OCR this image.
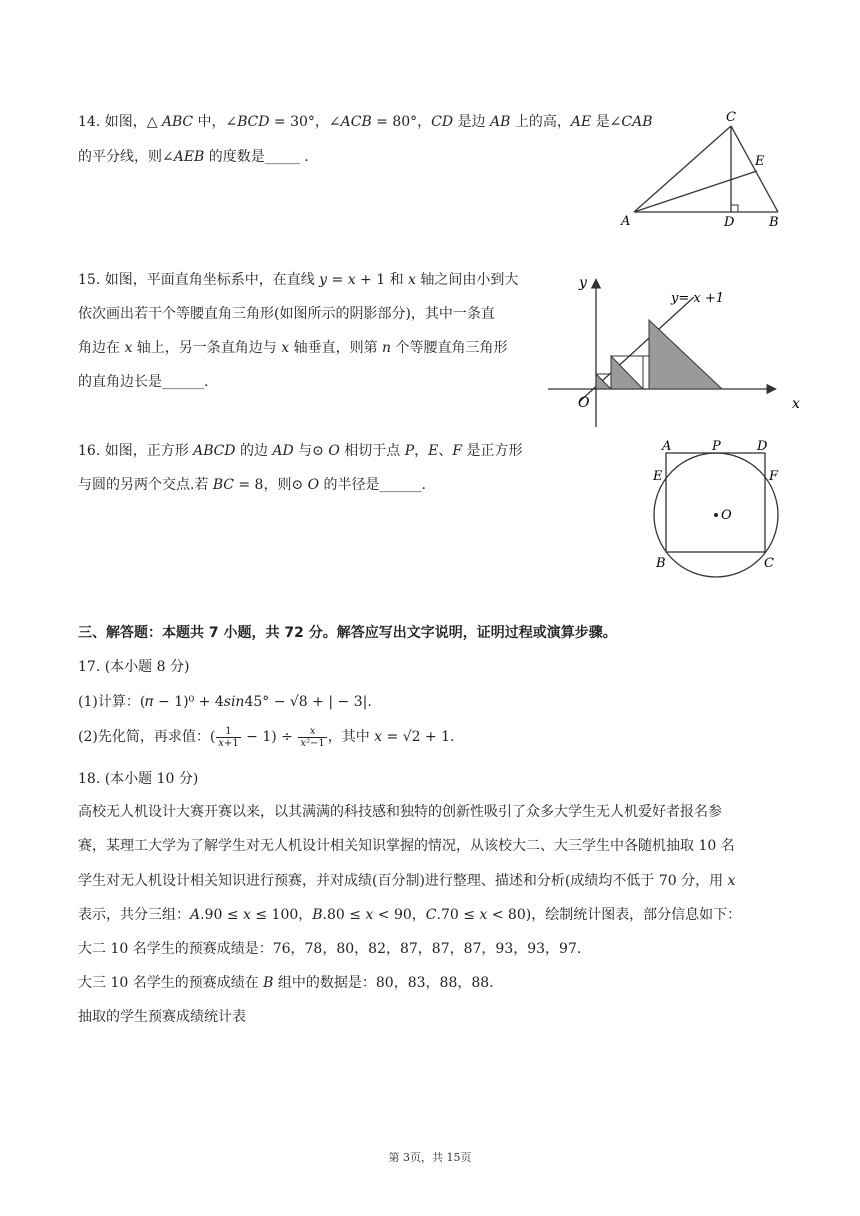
14. 如图，△ 𝐴𝐵𝐶 中，∠𝐵𝐶𝐷 = 30°，∠𝐴𝐶𝐵 = 80°，𝐶𝐷 是边 𝐴𝐵 上的高，𝐴𝐸 是∠𝐶𝐴𝐵
的平分线，则∠𝐴𝐸𝐵 的度数是_____ .
A	D	B
C
E
15. 如图，平面直角坐标系中，在直线 𝑦 = 𝑥 + 1 和 𝑥 轴之间由小到大
依次画出若干个等腰直角三角形(如图所示的阴影部分)，其中一条直
角边在 𝑥 轴上，另一条直角边与 𝑥 轴垂直，则第 𝑛 个等腰直角三角形
的直角边长是______.
y
x
O
y= x +1
16. 如图，正方形 𝐴𝐵𝐶𝐷 的边 𝐴𝐷 与⊙ 𝑂 相切于点 𝑃，𝐸、𝐹 是正方形
与圆的另两个交点.若 𝐵𝐶 = 8，则⊙ 𝑂 的半径是______.
A	P	D
E	F
B	C
O
三、解答题：本题共 7 小题，共 72 分。解答应写出文字说明，证明过程或演算步骤。
17. (本小题 8 分)
(1)计算：(𝜋 − 1)⁰ + 4𝑠𝑖𝑛45° − √8 + | − 3|.
(2)先化简，再求值：( $\frac{1}{\text{𝑥+1}} - 1) \div \frac{\text{𝑥}}{\text{𝑥²−1}}$ ，其中 𝑥 = √2 + 1.
18. (本小题 10 分)
高校无人机设计大赛开赛以来，以其满满的科技感和独特的创新性吸引了众多大学生无人机爱好者报名参
赛，某理工大学为了解学生对无人机设计相关知识掌握的情况，从该校大二、大三学生中各随机抽取 10 名
学生对无人机设计相关知识进行预赛，并对成绩(百分制)进行整理、描述和分析(成绩均不低于 70 分，用 𝑥
表示，共分三组：𝐴.90 ≤ 𝑥 ≤ 100，𝐵.80 ≤ 𝑥 < 90，𝐶.70 ≤ 𝑥 < 80)，绘制统计图表，部分信息如下：
大二 10 名学生的预赛成绩是：76，78，80，82，87，87，87，93，93，97.
大三 10 名学生的预赛成绩在 𝐵 组中的数据是：80，83，88，88.
抽取的学生预赛成绩统计表
第 3页，共 15页
